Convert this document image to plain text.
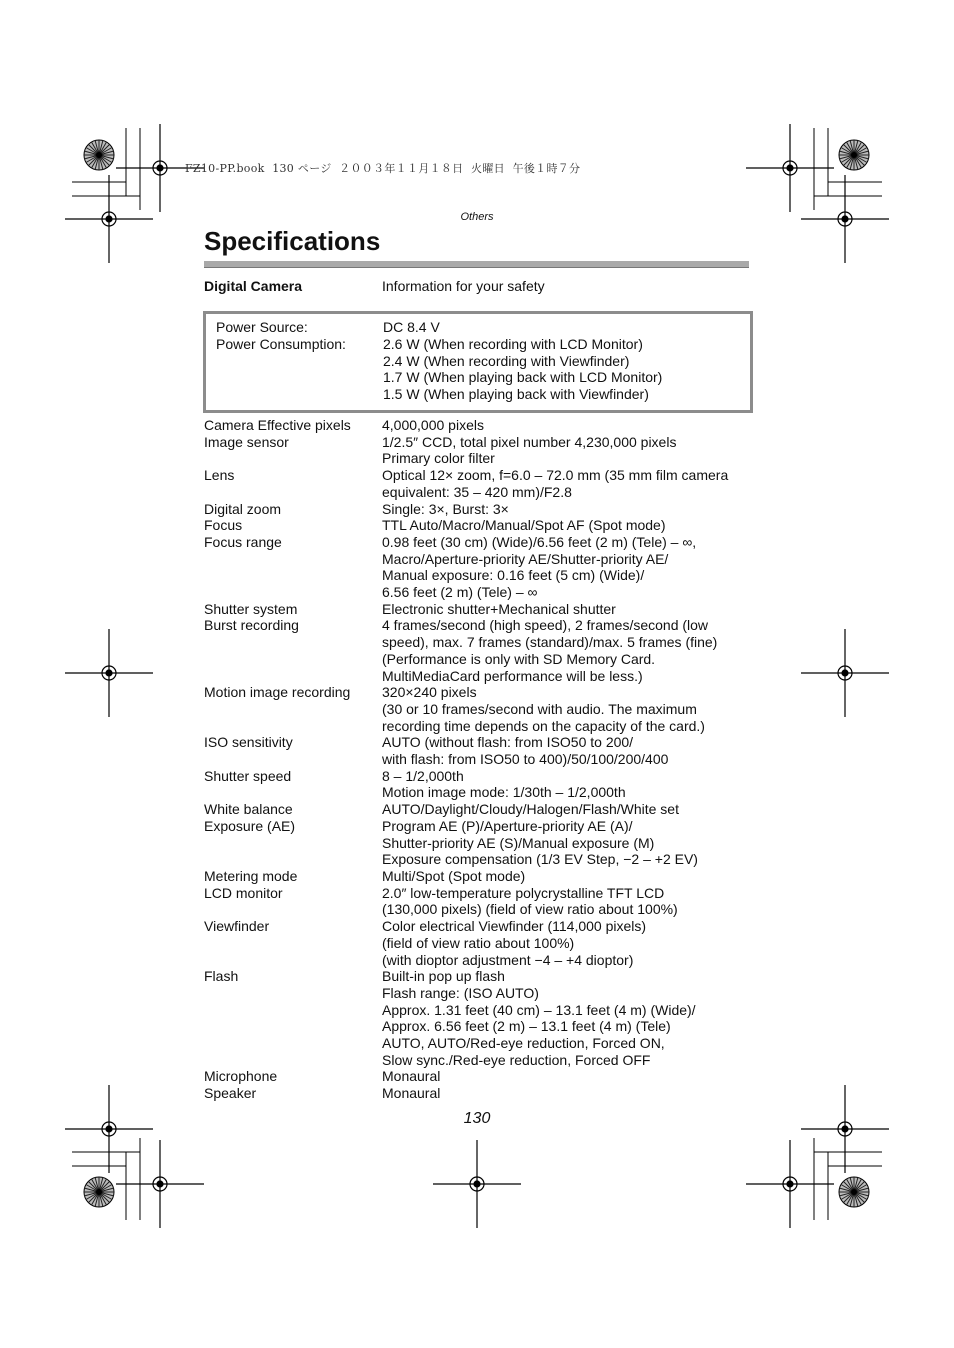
FZ10-PP.book  130 ページ  ２００３年１１月１８日  火曜日  午後１時７分
Others
Specifications
Digital Camera	Information for your safety
Power Source:	DC 8.4 V
Power Consumption:	2.6 W (When recording with LCD Monitor)
2.4 W (When recording with Viewfinder)
1.7 W (When playing back with LCD Monitor)
1.5 W (When playing back with Viewfinder)
Camera Effective pixels	4,000,000 pixels
Image sensor	1/2.5″ CCD, total pixel number 4,230,000 pixels
Primary color filter
Lens	Optical 12× zoom, f=6.0 – 72.0 mm (35 mm film camera
equivalent: 35 – 420 mm)/F2.8
Digital zoom	Single: 3×, Burst: 3×
Focus	TTL Auto/Macro/Manual/Spot AF (Spot mode)
Focus range	0.98 feet (30 cm) (Wide)/6.56 feet (2 m) (Tele) – ∞,
Macro/Aperture-priority AE/Shutter-priority AE/
Manual exposure: 0.16 feet (5 cm) (Wide)/
6.56 feet (2 m) (Tele) – ∞
Shutter system	Electronic shutter+Mechanical shutter
Burst recording	4 frames/second (high speed), 2 frames/second (low
speed), max. 7 frames (standard)/max. 5 frames (fine)
(Performance is only with SD Memory Card.
MultiMediaCard performance will be less.)
Motion image recording	320×240 pixels
(30 or 10 frames/second with audio. The maximum
recording time depends on the capacity of the card.)
ISO sensitivity	AUTO (without flash: from ISO50 to 200/
with flash: from ISO50 to 400)/50/100/200/400
Shutter speed	8 – 1/2,000th
Motion image mode: 1/30th – 1/2,000th
White balance	AUTO/Daylight/Cloudy/Halogen/Flash/White set
Exposure (AE)	Program AE (P)/Aperture-priority AE (A)/
Shutter-priority AE (S)/Manual exposure (M)
Exposure compensation (1/3 EV Step, −2 – +2 EV)
Metering mode	Multi/Spot (Spot mode)
LCD monitor	2.0″ low-temperature polycrystalline TFT LCD
(130,000 pixels) (field of view ratio about 100%)
Viewfinder	Color electrical Viewfinder (114,000 pixels)
(field of view ratio about 100%)
(with dioptor adjustment −4 – +4 dioptor)
Flash	Built-in pop up flash
Flash range: (ISO AUTO)
Approx. 1.31 feet (40 cm) – 13.1 feet (4 m) (Wide)/
Approx. 6.56 feet (2 m) – 13.1 feet (4 m) (Tele)
AUTO, AUTO/Red-eye reduction, Forced ON,
Slow sync./Red-eye reduction, Forced OFF
Microphone	Monaural
Speaker	Monaural
130
